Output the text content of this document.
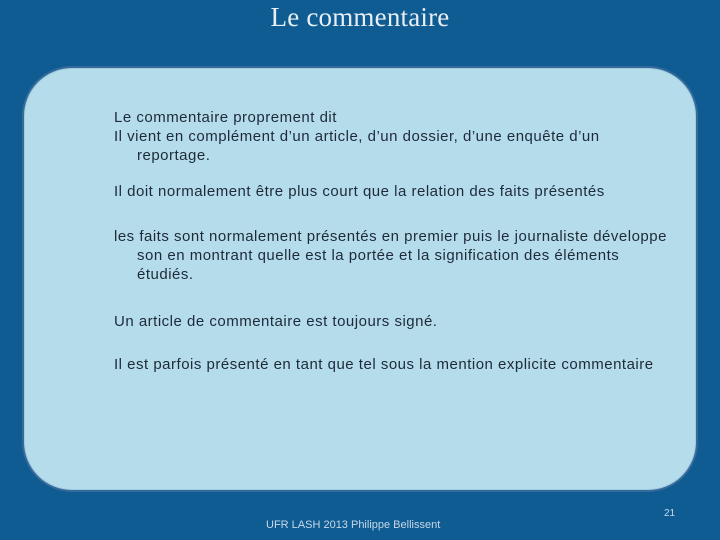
Le commentaire

Le commentaire proprement dit

Il vient en complément d’un article, d’un dossier, d’une enquête d’un reportage.

Il doit normalement être plus court que la relation des faits présentés

les faits sont normalement présentés en premier puis le journaliste développe son en montrant quelle est la portée et la signification des éléments étudiés.

Un article de commentaire est toujours signé.

Il est parfois présenté en tant que tel sous la mention explicite commentaire

21
UFR LASH 2013 Philippe Bellissent
